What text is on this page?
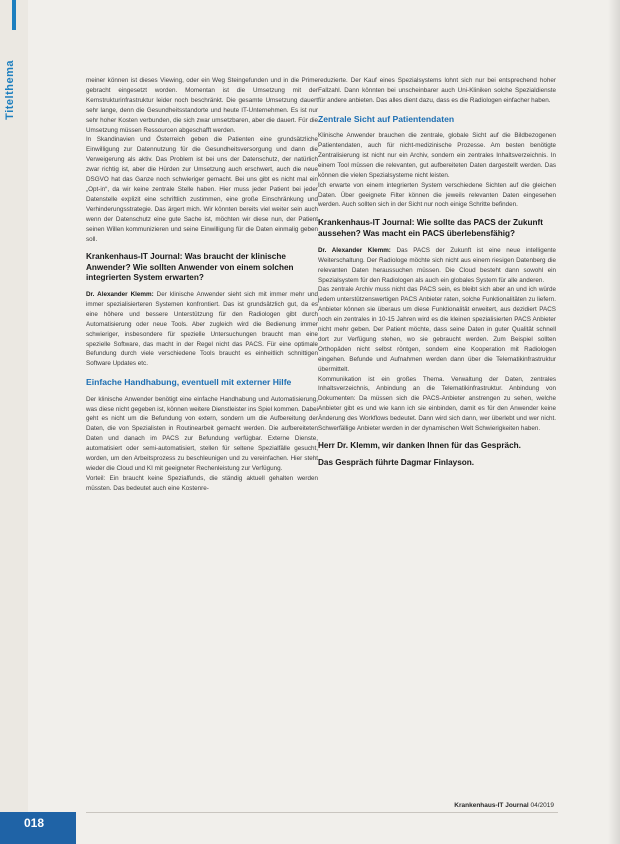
Titelthema	meiner können ist dieses Viewing, oder ein Weg Steingefunden und in die Prime gebracht eingesetzt worden. Momentan ist die Umsetzung mit der Kernstrukturinfrastruktur leider noch beschränkt. Die gesamte Umsetzung dauert sehr lange, denn die Gesundheitsstandorte und heute IT-Unternehmen. Es ist nur sehr hoher Kosten verbunden, die sich zwar umsetzbaren, aber die dauert. Für die Umsetzung müssen Ressourcen abgeschafft werden.

In Skandinavien und Österreich geben die Patienten eine grundsätzliche Einwilligung zur Datennutzung für die Gesundheitsversorgung und dann die Verweigerung als aktiv. Das Problem ist bei uns der Datenschutz, der natürlich zwar richtig ist, aber die Hürden zur Umsetzung auch erschwert, auch die neue DSGVO hat das Ganze noch schwieriger gemacht. Bei uns gibt es nicht mal ein „Opt-in“, da wir keine zentrale Stelle haben. Hier muss jeder Patient bei jeder Datenstelle explizit eine schriftlich zustimmen, eine große Einschränkung und Verhinderungsstrategie. Das ärgert mich. Wir könnten bereits viel weiter sein auch wenn der Datenschutz eine gute Sache ist, möchten wir diese nun, der Patient seinen Willen kommunizieren und seine Einwilligung für die Daten einmalig geben soll.

Krankenhaus-IT Journal: Was braucht der klinische Anwender? Wie sollten Anwender von einem solchen integrierten System erwarten?

Dr. Alexander Klemm: Der klinische Anwender sieht sich mit immer mehr und immer spezialisierteren Systemen konfrontiert. Das ist grundsätzlich gut, da es eine höhere und bessere Unterstützung für den Radiologen gibt durch Automatisierung oder neue Tools. Aber zugleich wird die Bedienung immer schwieriger, insbesondere für spezielle Untersuchungen braucht man eine spezielle Software, das macht in der Regel nicht das PACS. Für eine optimale Befundung durch viele verschiedene Tools braucht es einheitlich schnittigen Software Updates etc.

Einfache Handhabung, eventuell mit externer Hilfe

Der klinische Anwender benötigt eine einfache Handhabung und Automatisierung, was diese nicht gegeben ist, können weitere Dienstleister ins Spiel kommen. Dabei geht es nicht um die Befundung von extern, sondern um die Aufbereitung der Daten, die von Spezialisten in Routinearbeit gemacht werden. Die aufbereiteten Daten und danach im PACS zur Befundung verfügbar. Externe Dienste, automatisiert oder semi-automatisiert, stellen für seltene Spezialfälle gesucht, worden, um den Arbeitsprozess zu beschleunigen und zu vereinfachen. Hier steht wieder die Cloud und KI mit geeigneter Rechenleistung zur Verfügung.

Vorteil: Ein braucht keine Spezialfunds, die ständig aktuell gehalten werden müssten. Das bedeutet auch eine Kostenre-

reduzierte. Der Kauf eines Spezialsystems lohnt sich nur bei entsprechend hoher Fallzahl. Dann könnten bei unscheinbarer auch Uni-Kliniken solche Spezialdienste für andere anbieten. Das alles dient dazu, dass es die Radiologen einfacher haben.

Zentrale Sicht auf Patientendaten

Klinische Anwender brauchen die zentrale, globale Sicht auf die Bildbezogenen Patientendaten, auch für nicht-medizinische Prozesse. Am besten benötigte Zentralisierung ist nicht nur ein Archiv, sondern ein zentrales Inhaltsverzeichnis. In einem Tool müssen die relevanten, gut aufbereiteten Daten dargestellt werden. Das können die vielen Spezialsysteme nicht leisten.

Ich erwarte von einem integrierten System verschiedene Sichten auf die gleichen Daten. Über geeignete Filter können die jeweils relevanten Daten eingesehen werden. Auch sollten sich in der Sicht nur noch einige Schritte befinden.

Krankenhaus-IT Journal: Wie sollte das PACS der Zukunft aussehen? Was macht ein PACS überlebensfähig?

Dr. Alexander Klemm: Das PACS der Zukunft ist eine neue intelligente Weiterschaltung. Der Radiologe möchte sich nicht aus einem riesigen Datenberg die relevanten Daten heraussuchen müssen. Die Cloud besteht dann sowohl ein Spezialsystem für den Radiologen als auch ein globales System für alle anderen.

Das zentrale Archiv muss nicht das PACS sein, es bleibt sich aber an und ich würde jedem unterstützenswertigen PACS Anbieter raten, solche Funktionalitäten zu liefern. Anbieter können sie überaus um diese Funktionalität erweitert, aus dezidiert PACS noch ein zentrales in 10-15 Jahren wird es die kleinen spezialisierten PACS Anbieter nicht mehr geben. Der Patient möchte, dass seine Daten in guter Qualität schnell dort zur Verfügung stehen, wo sie gebraucht werden. Zum Beispiel sollten Orthopäden nicht selbst röntgen, sondern eine Kooperation mit Radiologen eingehen. Befunde und Aufnahmen werden dann über die Telematikinfrastruktur übermittelt.

Kommunikation ist ein großes Thema. Verwaltung der Daten, zentrales Inhaltsverzeichnis, Anbindung an die Telematikinfrastruktur. Anbindung von Dokumenten: Da müssen sich die PACS-Anbieter anstrengen zu sehen, welche Anbieter gibt es und wie kann ich sie einbinden, damit es für den Anwender keine Änderung des Workflows bedeutet. Dann wird sich dann, wer überlebt und wer nicht. Schwerfällige Anbieter werden in der dynamischen Welt Schwierigkeiten haben.

Herr Dr. Klemm, wir danken Ihnen für das Gespräch.

Das Gespräch führte Dagmar Finlayson.

Krankenhaus-IT Journal 04/2019
018
